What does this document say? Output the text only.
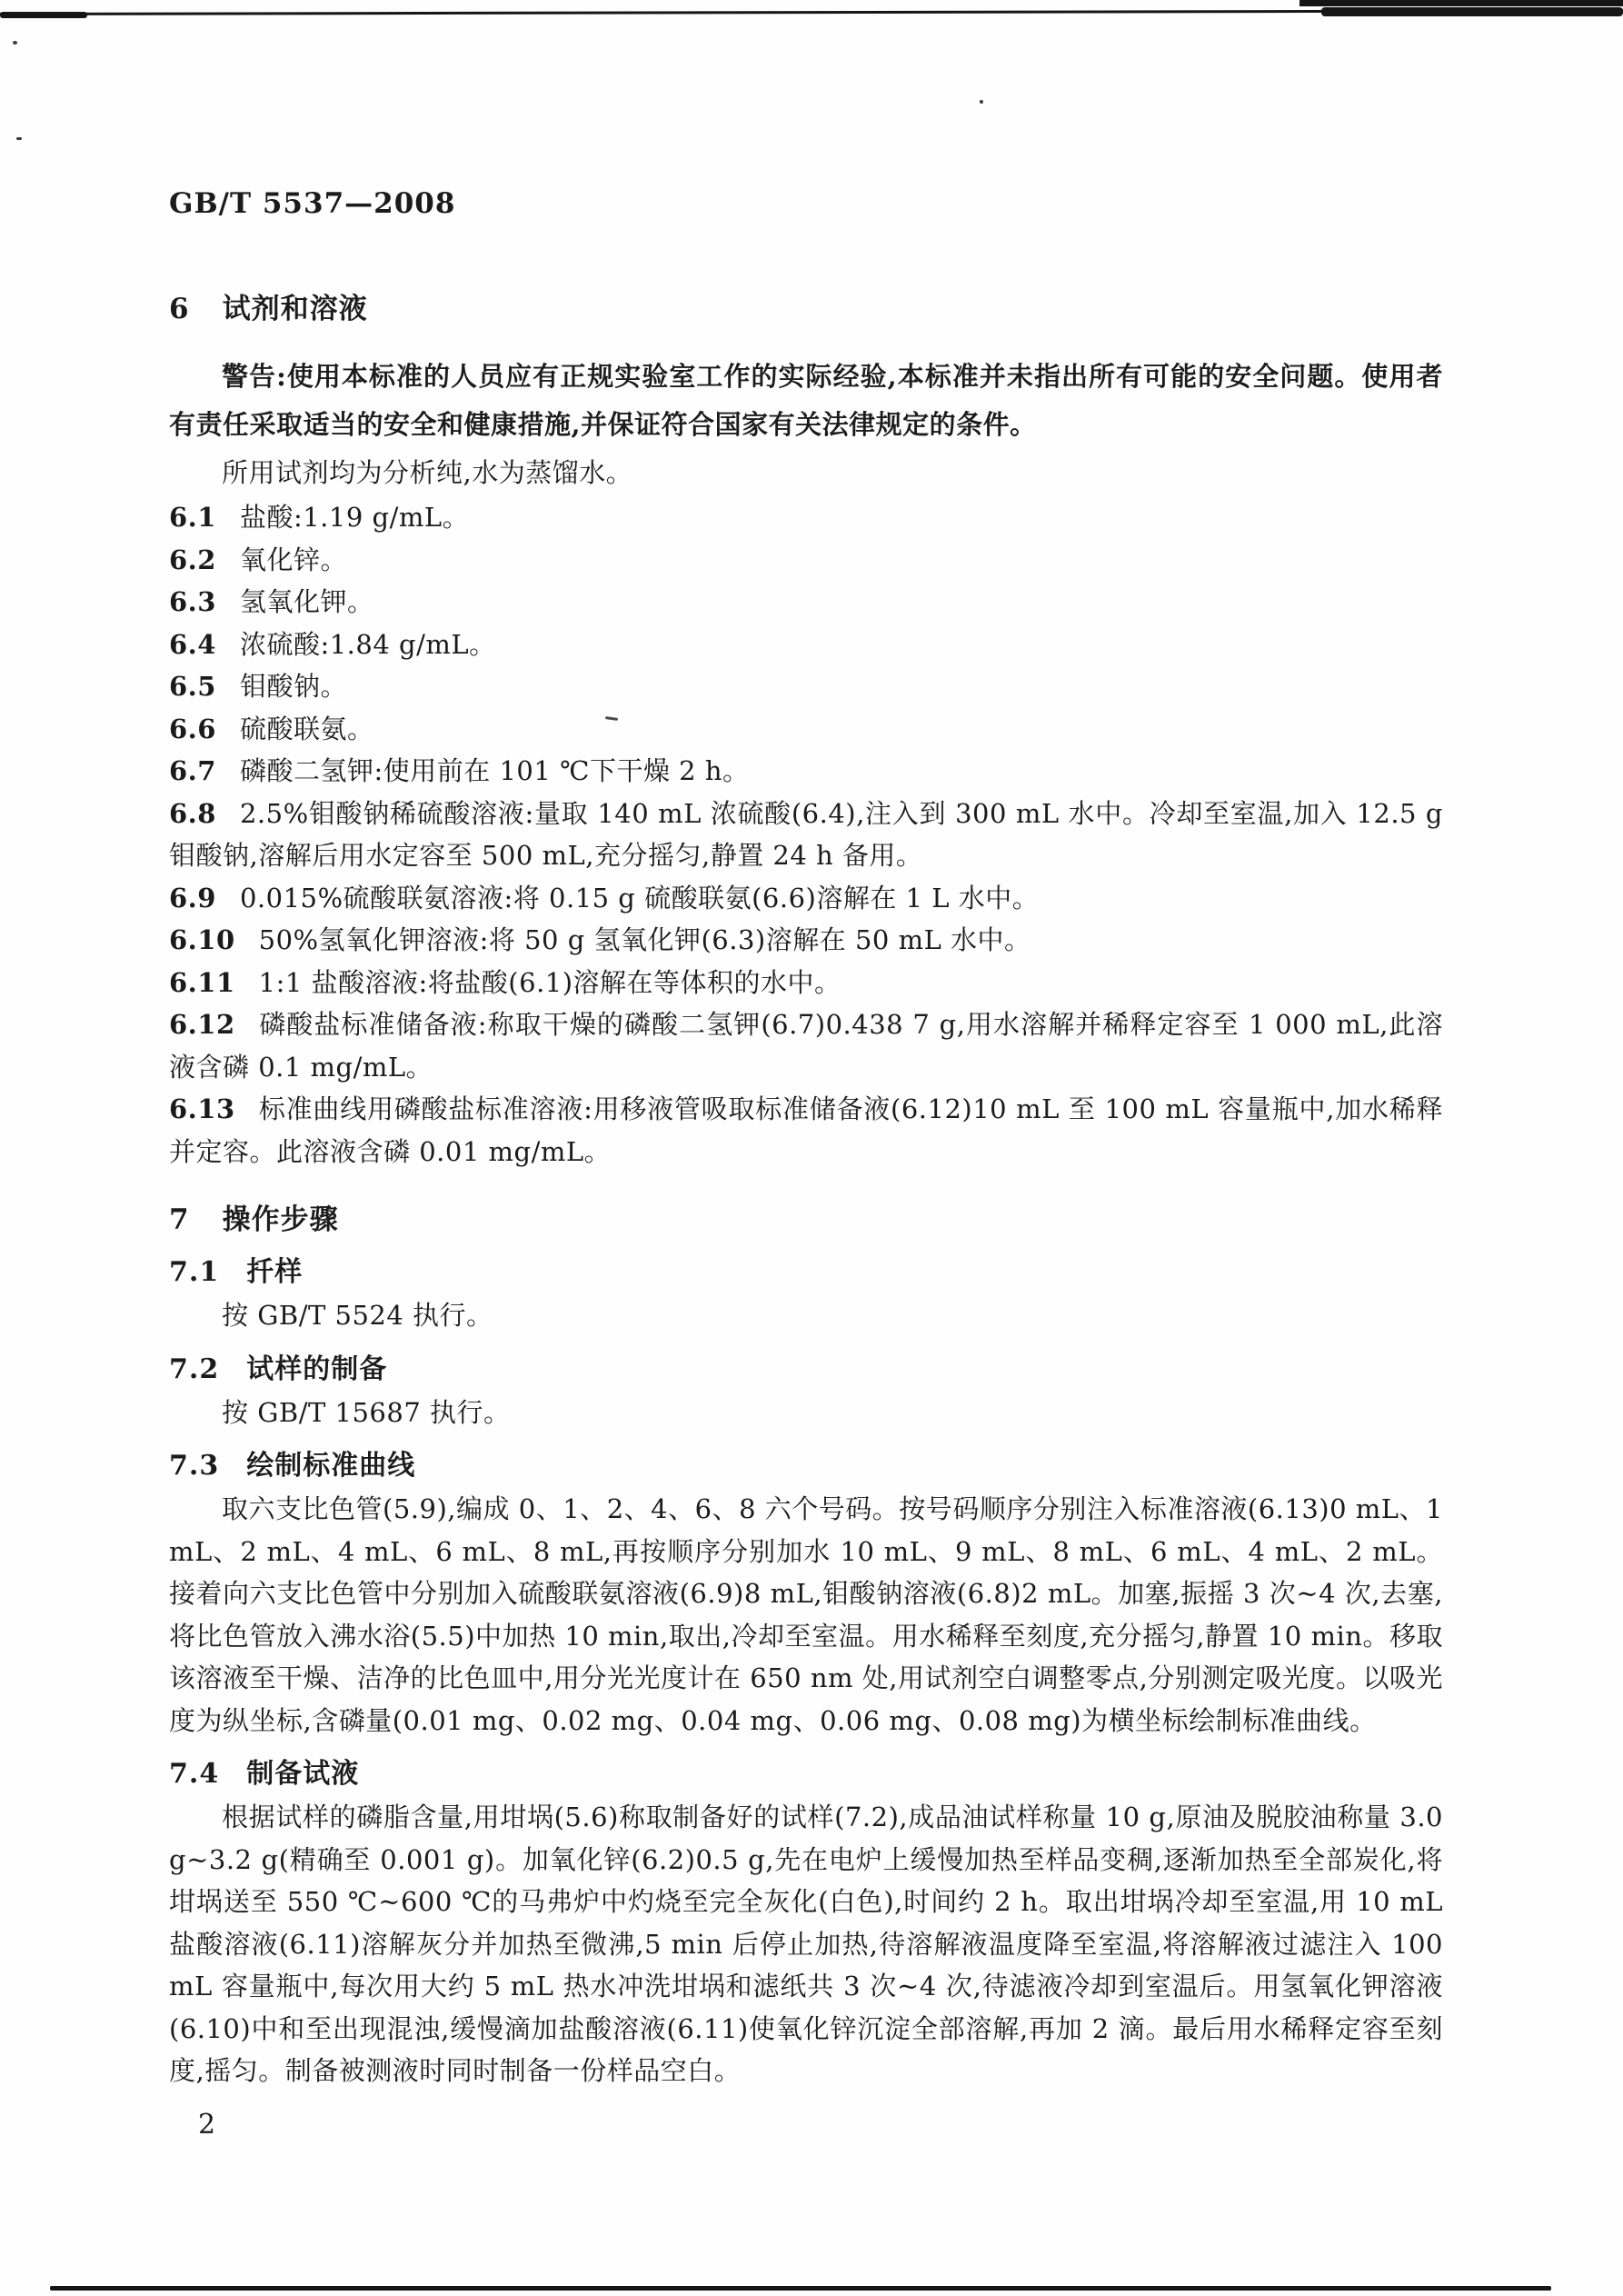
GB/T 5537—2008

6 试剂和溶液

警告:使用本标准的人员应有正规实验室工作的实际经验,本标准并未指出所有可能的安全问题。使用者有责任采取适当的安全和健康措施,并保证符合国家有关法律规定的条件。

所用试剂均为分析纯,水为蒸馏水。

6.1 盐酸:1.19 g/mL。

6.2 氧化锌。

6.3 氢氧化钾。

6.4 浓硫酸:1.84 g/mL。

6.5 钼酸钠。

6.6 硫酸联氨。

6.7 磷酸二氢钾:使用前在 101 ℃下干燥 2 h。

6.8 2.5%钼酸钠稀硫酸溶液:量取 140 mL 浓硫酸(6.4),注入到 300 mL 水中。冷却至室温,加入 12.5 g 钼酸钠,溶解后用水定容至 500 mL,充分摇匀,静置 24 h 备用。

6.9 0.015%硫酸联氨溶液:将 0.15 g 硫酸联氨(6.6)溶解在 1 L 水中。

6.10 50%氢氧化钾溶液:将 50 g 氢氧化钾(6.3)溶解在 50 mL 水中。

6.11 1:1 盐酸溶液:将盐酸(6.1)溶解在等体积的水中。

6.12 磷酸盐标准储备液:称取干燥的磷酸二氢钾(6.7)0.438 7 g,用水溶解并稀释定容至 1 000 mL,此溶液含磷 0.1 mg/mL。

6.13 标准曲线用磷酸盐标准溶液:用移液管吸取标准储备液(6.12)10 mL 至 100 mL 容量瓶中,加水稀释并定容。此溶液含磷 0.01 mg/mL。

7 操作步骤

7.1 扦样

按 GB/T 5524 执行。

7.2 试样的制备

按 GB/T 15687 执行。

7.3 绘制标准曲线

取六支比色管(5.9),编成 0、1、2、4、6、8 六个号码。按号码顺序分别注入标准溶液(6.13)0 mL、1 mL、2 mL、4 mL、6 mL、8 mL,再按顺序分别加水 10 mL、9 mL、8 mL、6 mL、4 mL、2 mL。接着向六支比色管中分别加入硫酸联氨溶液(6.9)8 mL,钼酸钠溶液(6.8)2 mL。加塞,振摇 3 次~4 次,去塞,将比色管放入沸水浴(5.5)中加热 10 min,取出,冷却至室温。用水稀释至刻度,充分摇匀,静置 10 min。移取该溶液至干燥、洁净的比色皿中,用分光光度计在 650 nm 处,用试剂空白调整零点,分别测定吸光度。以吸光度为纵坐标,含磷量(0.01 mg、0.02 mg、0.04 mg、0.06 mg、0.08 mg)为横坐标绘制标准曲线。

7.4 制备试液

根据试样的磷脂含量,用坩埚(5.6)称取制备好的试样(7.2),成品油试样称量 10 g,原油及脱胶油称量 3.0 g~3.2 g(精确至 0.001 g)。加氧化锌(6.2)0.5 g,先在电炉上缓慢加热至样品变稠,逐渐加热至全部炭化,将坩埚送至 550 ℃~600 ℃的马弗炉中灼烧至完全灰化(白色),时间约 2 h。取出坩埚冷却至室温,用 10 mL 盐酸溶液(6.11)溶解灰分并加热至微沸,5 min 后停止加热,待溶解液温度降至室温,将溶解液过滤注入 100 mL 容量瓶中,每次用大约 5 mL 热水冲洗坩埚和滤纸共 3 次~4 次,待滤液冷却到室温后。用氢氧化钾溶液(6.10)中和至出现混浊,缓慢滴加盐酸溶液(6.11)使氧化锌沉淀全部溶解,再加 2 滴。最后用水稀释定容至刻度,摇匀。制备被测液时同时制备一份样品空白。

2
